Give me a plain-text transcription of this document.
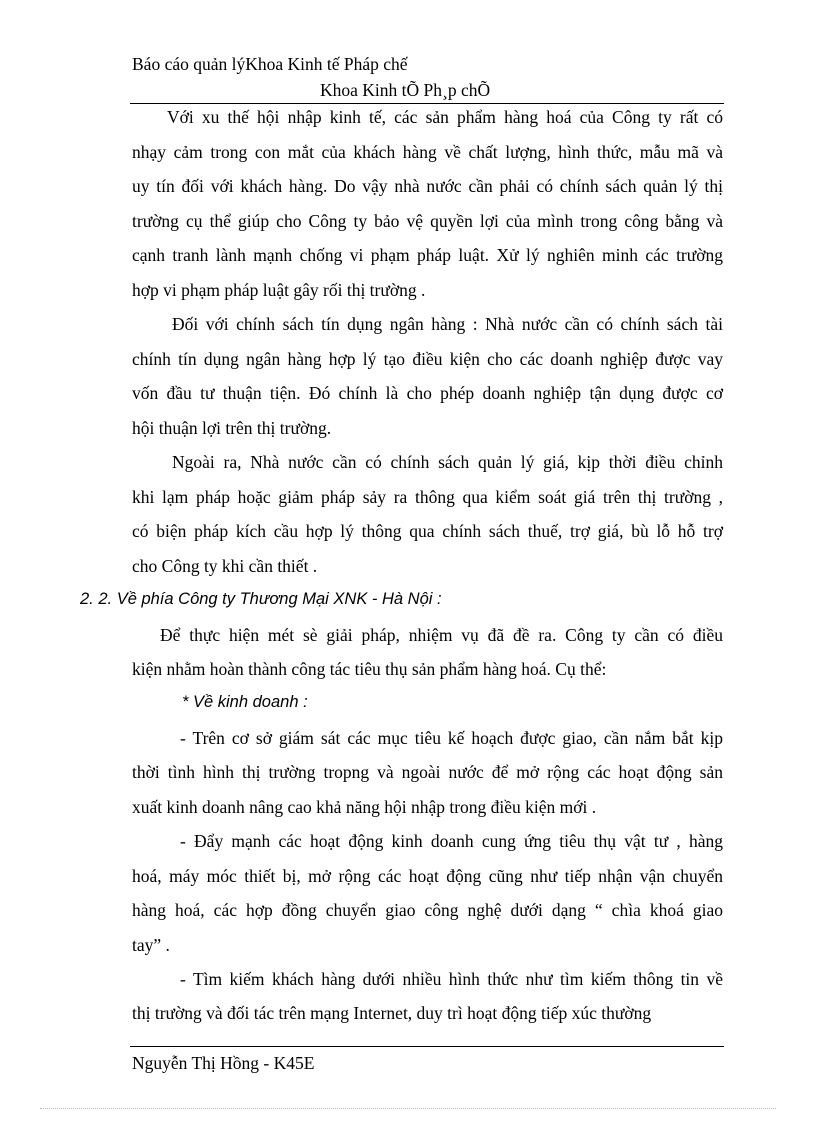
Báo cáo quản lýKhoa Kinh tế Pháp chế
Khoa Kinh tÕ Ph¸p chÕ
Với xu thế hội nhập kinh tế, các sản phẩm hàng hoá của Công ty rất có
nhạy cảm trong con mắt của khách hàng về chất lượng, hình thức, mẫu mã và
uy tín đối với khách hàng. Do vậy nhà nước cần phải có chính sách quản lý thị
trường cụ thể giúp cho Công ty bảo vệ quyền lợi của mình trong công bằng và
cạnh tranh lành mạnh chống vi phạm pháp luật. Xử lý nghiên minh các trường
hợp vi phạm pháp luật gây rối thị trường .
Đối với chính sách tín dụng ngân hàng : Nhà nước cần có chính sách tài
chính tín dụng ngân hàng hợp lý tạo điều kiện cho các doanh nghiệp được vay
vốn đầu tư thuận tiện. Đó chính là cho phép doanh nghiệp tận dụng được cơ
hội thuận lợi trên thị trường.
Ngoài ra, Nhà nước cần có chính sách quản lý giá, kịp thời điều chỉnh
khi lạm pháp hoặc giảm pháp sảy ra thông qua kiểm soát giá trên thị trường ,
có biện pháp kích cầu hợp lý thông qua chính sách thuế, trợ giá, bù lỗ hỗ trợ
cho Công ty khi cần thiết .
2. 2. Về phía Công ty Thương Mại XNK - Hà Nội :
Để thực hiện mét sè giải pháp, nhiệm vụ đã đề ra. Công ty cần có điều
kiện nhằm hoàn thành công tác tiêu thụ sản phẩm hàng hoá. Cụ thể:
* Về kinh doanh :
- Trên cơ sở giám sát các mục tiêu kế hoạch được giao, cần nắm bắt kịp
thời tình hình thị trường tropng và ngoài nước để mở rộng các hoạt động sản
xuất kinh doanh nâng cao khả năng hội nhập trong điều kiện mới .
- Đẩy mạnh các hoạt động kinh doanh cung ứng tiêu thụ vật tư , hàng
hoá, máy móc thiết bị, mở rộng các hoạt động cũng như tiếp nhận vận chuyển
hàng hoá, các hợp đồng chuyển giao công nghệ dưới dạng “ chìa khoá giao
tay” .
- Tìm kiếm khách hàng dưới nhiều hình thức như tìm kiếm thông tin về
thị trường và đối tác trên mạng Internet, duy trì hoạt động tiếp xúc thường
Nguyễn Thị Hồng - K45E
